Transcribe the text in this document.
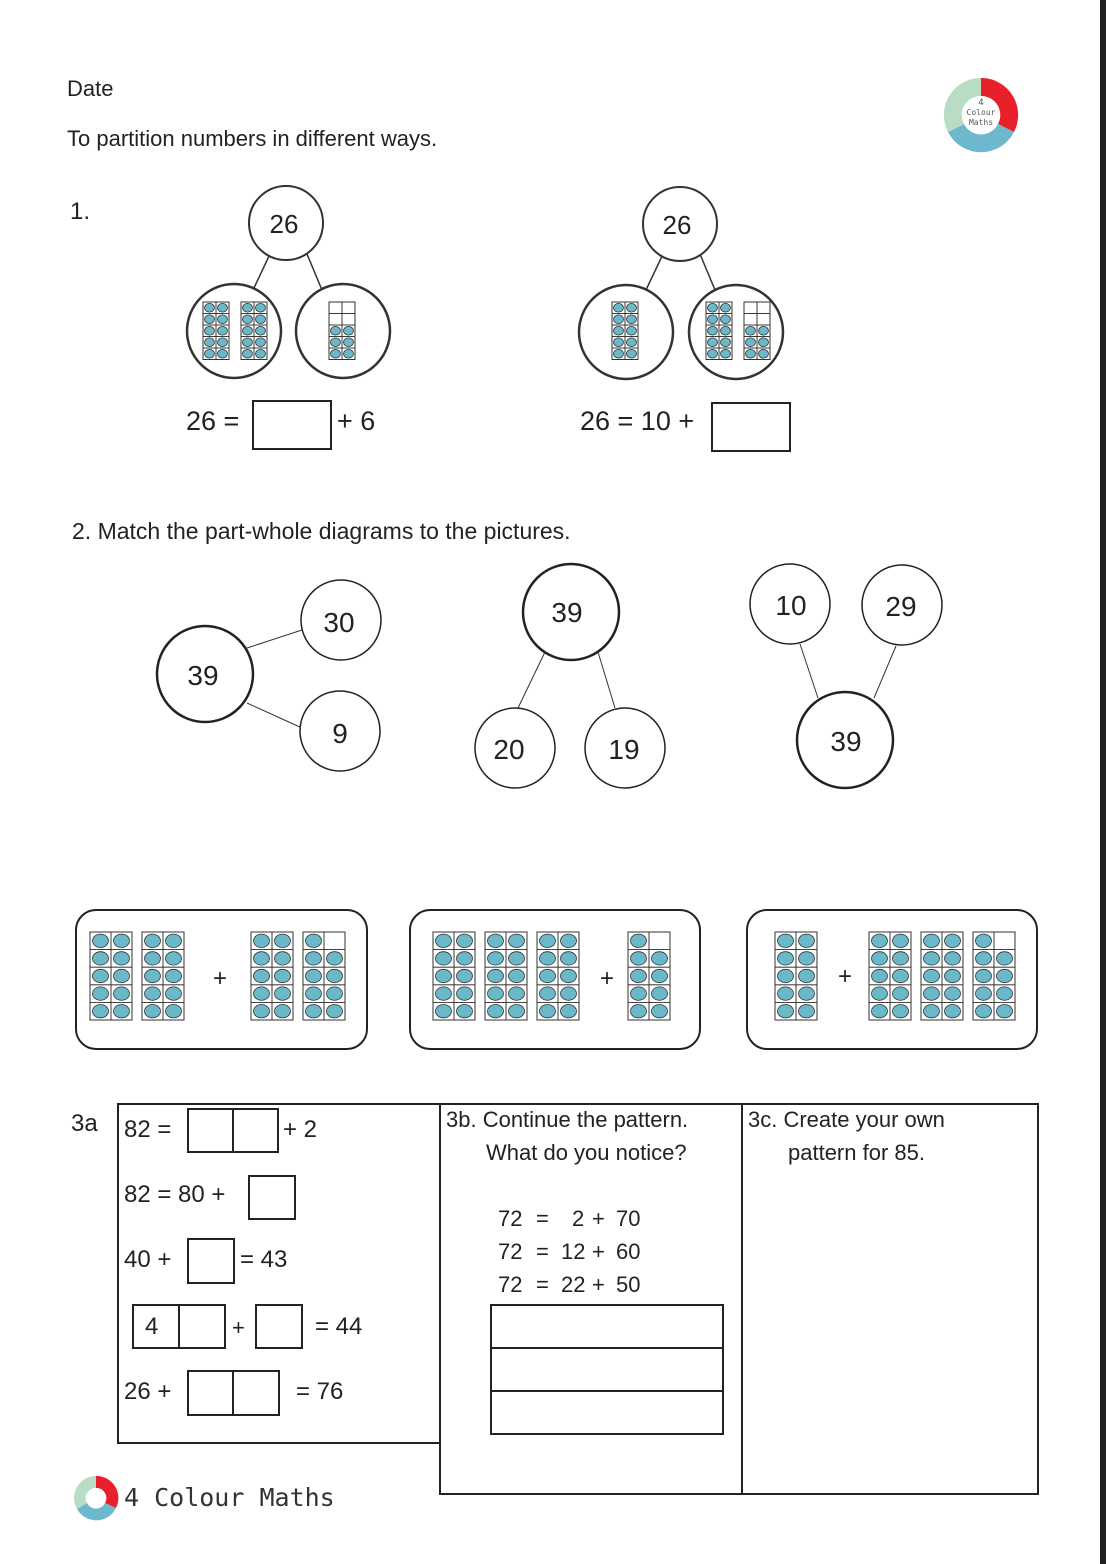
Date
To partition numbers in different ways.
4
Colour
Maths
1.	26	26
26 =	+ 6	26 = 10 +
2. Match the part-whole diagrams to the pictures.
39
30
9
39
20	19
10	29
39
+	+	+
3a 82 =	+ 2
82 = 80 +
40 +	= 43
4	+	= 44
26 +	= 76
3b. Continue the pattern.
What do you notice?
72 = 2 + 70
72 = 12 + 60
72 = 22 + 50
3c. Create your own
pattern for 85.
4 Colour Maths
